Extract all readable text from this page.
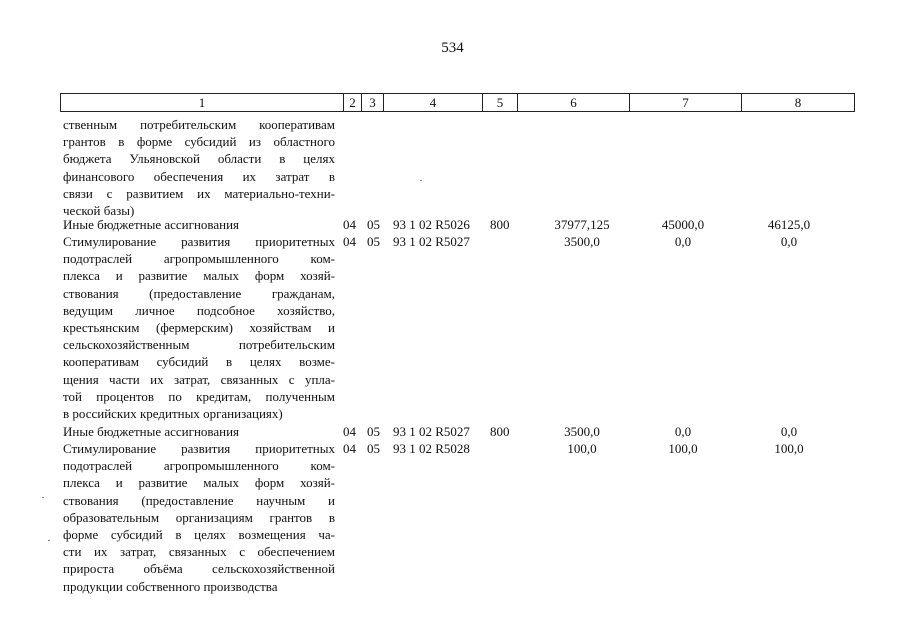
534
1	2	3	4	5	6	7	8
ственным потребительским кооперативам
грантов в форме субсидий из областного
бюджета Ульяновской области в целях
финансового обеспечения их затрат в
связи с развитием их материально-техни-
ческой базы)
Иные бюджетные ассигнования	04 05 93 1 02 R5026 800	37977,125	45000,0	46125,0
Стимулирование развития приоритетных
подотраслей агропромышленного ком-
плекса и развитие малых форм хозяй-
ствования (предоставление гражданам,
ведущим личное подсобное хозяйство,
крестьянским (фермерским) хозяйствам и
сельскохозяйственным потребительским
кооперативам субсидий в целях возме-
щения части их затрат, связанных с упла-
той процентов по кредитам, полученным
в российских кредитных организациях)
04 05 93 1 02 R5027	3500,0	0,0	0,0
Иные бюджетные ассигнования	04 05 93 1 02 R5027 800	3500,0	0,0	0,0
Стимулирование развития приоритетных
подотраслей агропромышленного ком-
плекса и развитие малых форм хозяй-
ствования (предоставление научным и
образовательным организациям грантов в
форме субсидий в целях возмещения ча-
сти их затрат, связанных с обеспечением
прироста объёма сельскохозяйственной
продукции собственного производства
04 05 93 1 02 R5028	100,0	100,0	100,0
